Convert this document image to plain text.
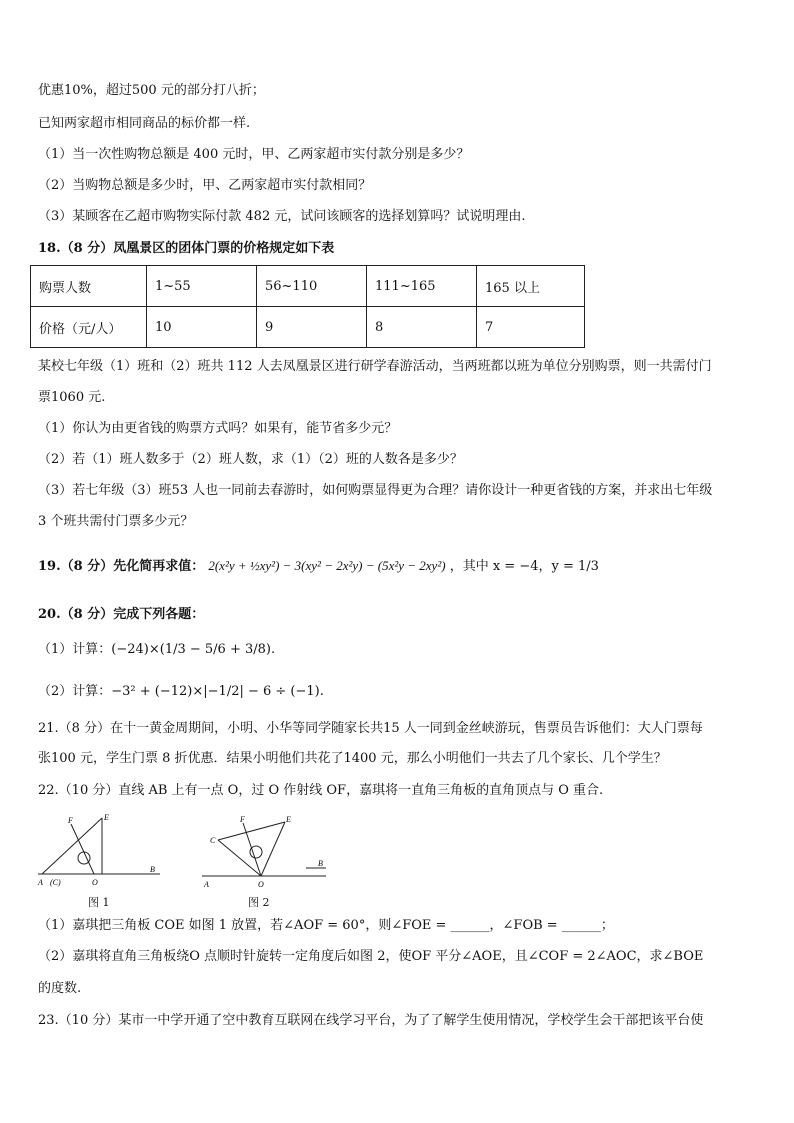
优惠10%，超过500 元的部分打八折；
已知两家超市相同商品的标价都一样.
（1）当一次性购物总额是 400 元时，甲、乙两家超市实付款分别是多少？
（2）当购物总额是多少时，甲、乙两家超市实付款相同？
（3）某顾客在乙超市购物实际付款 482 元，试问该顾客的选择划算吗？试说明理由.
18.（8 分）凤凰景区的团体门票的价格规定如下表
购票人数	1~55	56~110	111~165	165 以上
价格（元/人）	10	9	8	7
某校七年级（1）班和（2）班共 112 人去凤凰景区进行研学春游活动，当两班都以班为单位分别购票，则一共需付门
票1060 元.
（1）你认为由更省钱的购票方式吗？如果有，能节省多少元？
（2）若（1）班人数多于（2）班人数，求（1）（2）班的人数各是多少？
（3）若七年级（3）班53 人也一同前去春游时，如何购票显得更为合理？请你设计一种更省钱的方案，并求出七年级
3 个班共需付门票多少元？
19.（8 分）先化简再求值： 2(x²y + ½xy²) − 3(xy² − 2x²y) − (5x²y − 2xy²) ，其中 x = −4，y = 1/3
20.（8 分）完成下列各题：
（1）计算：(−24)×(1/3 − 5/6 + 3/8).
（2）计算：−3² + (−12)×|−1/2| − 6 ÷ (−1).
21.（8 分）在十一黄金周期间，小明、小华等同学随家长共15 人一同到金丝峡游玩，售票员告诉他们：大人门票每
张100 元，学生门票 8 折优惠．结果小明他们共花了1400 元，那么小明他们一共去了几个家长、几个学生？
22.（10 分）直线 AB 上有一点 O，过 O 作射线 OF，嘉琪将一直角三角板的直角顶点与 O 重合.
F	E
A (C)	O
B
图 1
F	E
C
O
B
A
图 2
（1）嘉琪把三角板 COE 如图 1 放置，若∠AOF = 60°，则∠FOE = ______，∠FOB = ______；
（2）嘉琪将直角三角板绕O 点顺时针旋转一定角度后如图 2，使OF 平分∠AOE，且∠COF = 2∠AOC，求∠BOE
的度数.
23.（10 分）某市一中学开通了空中教育互联网在线学习平台，为了了解学生使用情况，学校学生会干部把该平台使
